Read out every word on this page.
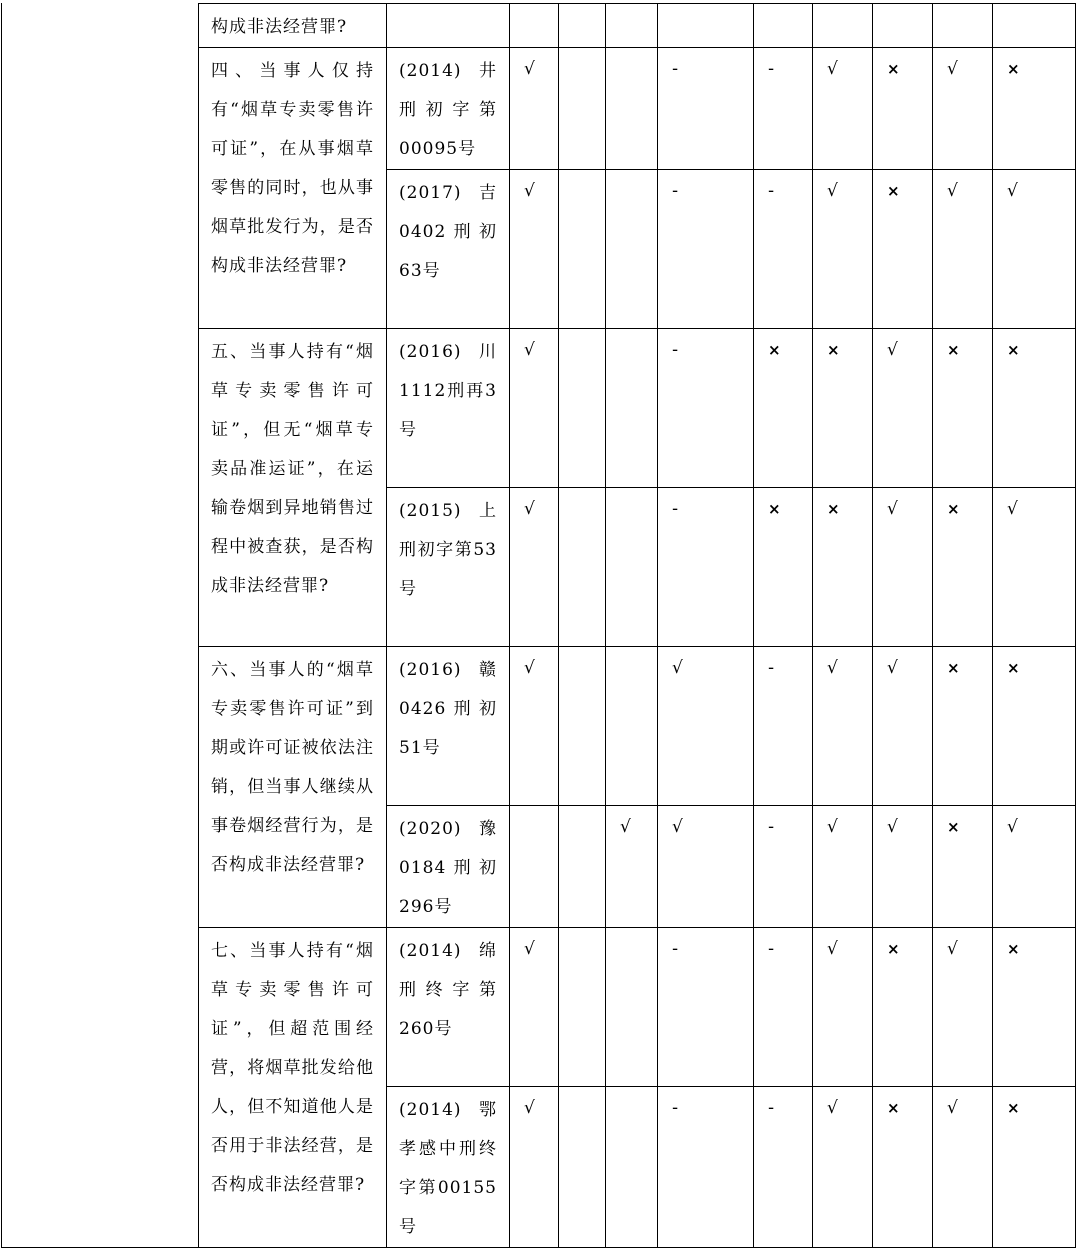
	构成非法经营罪?										
	四、当事人仅持有“烟草专卖零售许可证”，在从事烟草零售的同时，也从事烟草批发行为，是否构成非法经营罪?	(2014)井刑初字第00095号	√			-	-	√	×	√	×
		(2017) 吉0402刑初63号	√			-	-	√	×	√	√
	五、当事人持有“烟草专卖零售许可证”，但无“烟草专卖品准运证”，在运输卷烟到异地销售过程中被查获，是否构成非法经营罪?	(2016) 川1112刑再3号	√			-	×	×	√	×	×
		(2015)上刑初字第53号	√			-	×	×	√	×	√
	六、当事人的“烟草专卖零售许可证”到期或许可证被依法注销，但当事人继续从事卷烟经营行为，是否构成非法经营罪?	(2016) 赣0426刑初51号	√			√	-	√	√	×	×
		(2020) 豫0184刑初296号			√	√	-	√	√	×	√
	七、当事人持有“烟草专卖零售许可证”，但超范围经营，将烟草批发给他人，但不知道他人是否用于非法经营，是否构成非法经营罪?	(2014) 绵刑终字第260号	√			-	-	√	×	√	×
		(2014)鄂孝感中刑终字第00155号	√			-	-	√	×	√	×
